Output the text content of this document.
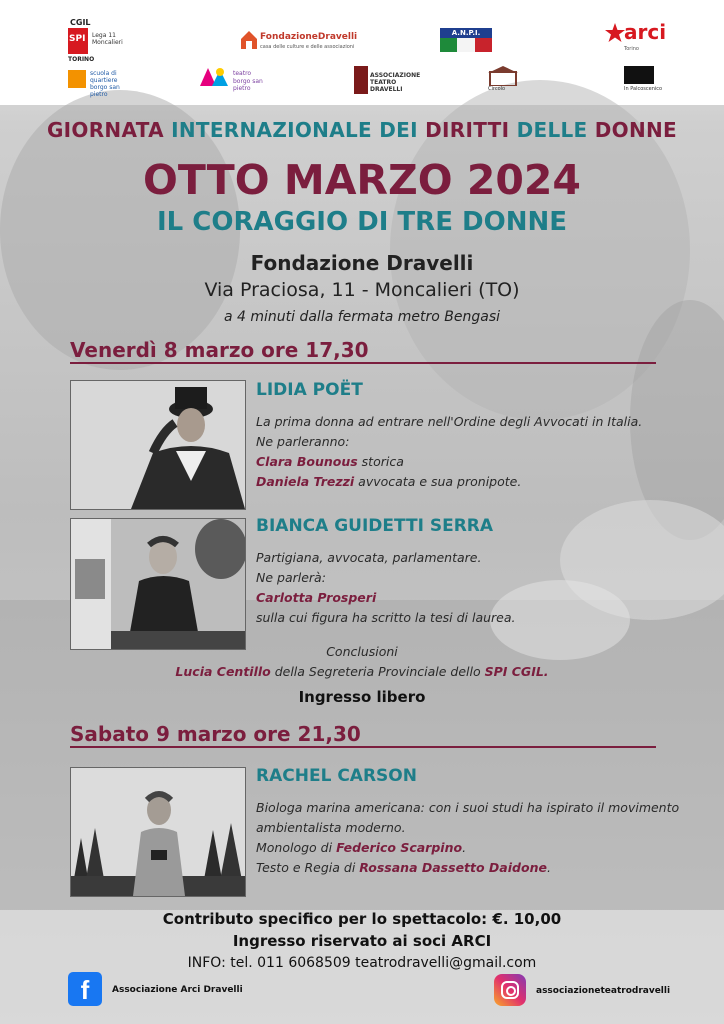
CGIL
SPI
TORINO
Lega 11 Moncalieri
FondazioneDravelli
casa delle culture e delle associazioni
A.N.P.I.	arci
Torino
scuola di quartiere borgo san pietro
teatro
borgo san pietro
ASSOCIAZIONE TEATRO DRAVELLI	Circolo	In Palcoscenico
GIORNATA INTERNAZIONALE DEI DIRITTI DELLE DONNE
OTTO MARZO 2024
IL CORAGGIO DI TRE DONNE
Fondazione Dravelli
Via Praciosa, 11 - Moncalieri (TO)
a 4 minuti dalla fermata metro Bengasi
Venerdì 8 marzo ore 17,30
LIDIA POËT
La prima donna ad entrare nell'Ordine degli Avvocati in Italia.
Ne parleranno:
Clara Bounous storica
Daniela Trezzi avvocata e sua pronipote.
BIANCA GUIDETTI SERRA
Partigiana, avvocata, parlamentare.
Ne parlerà:
Carlotta Prosperi
sulla cui figura ha scritto la tesi di laurea.
Conclusioni
Lucia Centillo della Segreteria Provinciale dello SPI CGIL.
Ingresso libero
Sabato 9 marzo ore 21,30
RACHEL CARSON
Biologa marina americana: con i suoi studi ha ispirato il movimento
ambientalista moderno.
Monologo di Federico Scarpino.
Testo e Regia di Rossana Dassetto Daidone.
Contributo specifico per lo spettacolo: €. 10,00
Ingresso riservato ai soci ARCI
INFO: tel. 011 6068509 teatrodravelli@gmail.com
f	Associazione Arci Dravelli	associazioneteatrodravelli
